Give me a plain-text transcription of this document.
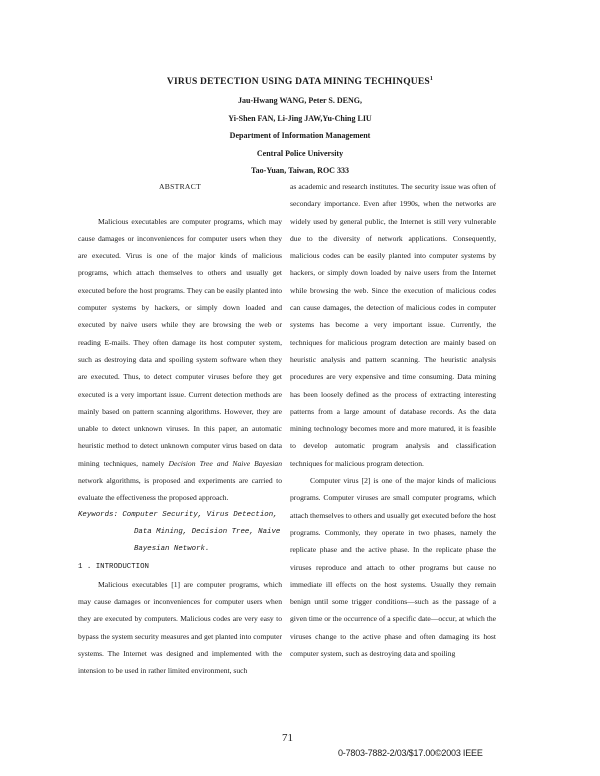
VIRUS DETECTION USING DATA MINING TECHINQUES$^1$
Jau-Hwang WANG, Peter S. DENG,
Yi-Shen FAN, Li-Jing JAW,Yu-Ching LIU
Department of Information Management
Central Police University
Tao-Yuan, Taiwan, ROC 333

ABSTRACT

Malicious executables are computer programs, which may cause damages or inconveniences for computer users when they are executed. Virus is one of the major kinds of malicious programs, which attach themselves to others and usually get executed before the host programs. They can be easily planted into computer systems by hackers, or simply down loaded and executed by naive users while they are browsing the web or reading E-mails. They often damage its host computer system, such as destroying data and spoiling system software when they are executed. Thus, to detect computer viruses before they get executed is a very important issue. Current detection methods are mainly based on pattern scanning algorithms. However, they are unable to detect unknown viruses. In this paper, an automatic heuristic method to detect unknown computer virus based on data mining techniques, namely Decision Tree and Naive Bayesian network algorithms, is proposed and experiments are carried to evaluate the effectiveness the proposed approach.

Keywords: Computer Security, Virus Detection,
Data Mining, Decision Tree, Naive
Bayesian Network.

1 . INTRODUCTION

Malicious executables [1] are computer programs, which may cause damages or inconveniences for computer users when they are executed by computers. Malicious codes are very easy to bypass the system security measures and get planted into computer systems. The Internet was designed and implemented with the intension to be used in rather limited environment, such

as academic and research institutes. The security issue was often of secondary importance. Even after 1990s, when the networks are widely used by general public, the Internet is still very vulnerable due to the diversity of network applications. Consequently, malicious codes can be easily planted into computer systems by hackers, or simply down loaded by naive users from the Internet while browsing the web. Since the execution of malicious codes can cause damages, the detection of malicious codes in computer systems has become a very important issue. Currently, the techniques for malicious program detection are mainly based on heuristic analysis and pattern scanning. The heuristic analysis procedures are very expensive and time consuming. Data mining has been loosely defined as the process of extracting interesting patterns from a large amount of database records. As the data mining technology becomes more and more matured, it is feasible to develop automatic program analysis and classification techniques for malicious program detection.

Computer virus [2] is one of the major kinds of malicious programs. Computer viruses are small computer programs, which attach themselves to others and usually get executed before the host programs. Commonly, they operate in two phases, namely the replicate phase and the active phase. In the replicate phase the viruses reproduce and attach to other programs but cause no immediate ill effects on the host systems. Usually they remain benign until some trigger conditions—such as the passage of a given time or the occurrence of a specific date—occur, at which the viruses change to the active phase and often damaging its host computer system, such as destroying data and spoiling

71
0-7803-7882-2/03/$17.00©2003 IEEE
